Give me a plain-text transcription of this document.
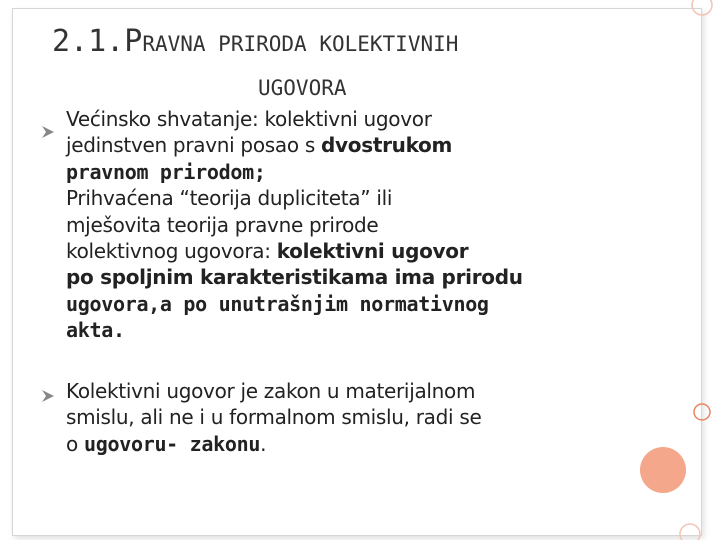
2.1.PRAVNA PRIRODA KOLEKTIVNIH
UGOVORA
Većinsko shvatanje: kolektivni ugovor
jedinstven pravni posao s dvostrukom
pravnom prirodom;
Prihvaćena “teorija dupliciteta” ili
mješovita teorija pravne prirode
kolektivnog ugovora: kolektivni ugovor
po spoljnim karakteristikama ima prirodu
ugovora,a po unutrašnjim normativnog
akta.
Kolektivni ugovor je zakon u materijalnom
smislu, ali ne i u formalnom smislu, radi se
o ugovoru- zakonu.
